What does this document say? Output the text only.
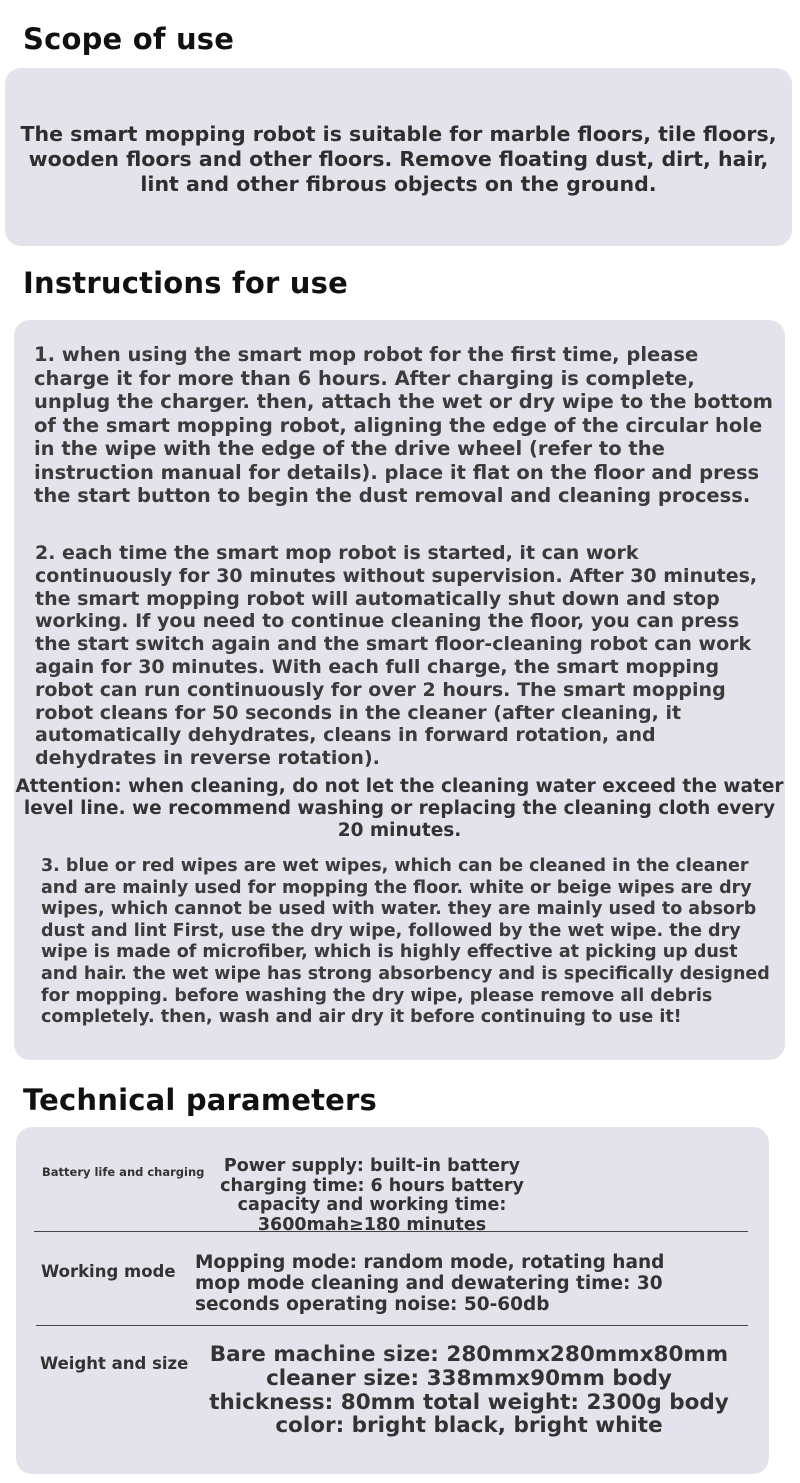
Scope of use
The smart mopping robot is suitable for marble floors, tile floors, wooden floors and other floors. Remove floating dust, dirt, hair, lint and other fibrous objects on the ground.
Instructions for use
1. when using the smart mop robot for the first time, please charge it for more than 6 hours. After charging is complete, unplug the charger. then, attach the wet or dry wipe to the bottom of the smart mopping robot, aligning the edge of the circular hole in the wipe with the edge of the drive wheel (refer to the instruction manual for details). place it flat on the floor and press the start button to begin the dust removal and cleaning process.
2. each time the smart mop robot is started, it can work continuously for 30 minutes without supervision. After 30 minutes, the smart mopping robot will automatically shut down and stop working. If you need to continue cleaning the floor, you can press the start switch again and the smart floor-cleaning robot can work again for 30 minutes. With each full charge, the smart mopping robot can run continuously for over 2 hours. The smart mopping robot cleans for 50 seconds in the cleaner (after cleaning, it automatically dehydrates, cleans in forward rotation, and dehydrates in reverse rotation).
Attention: when cleaning, do not let the cleaning water exceed the water level line. we recommend washing or replacing the cleaning cloth every 20 minutes.
3. blue or red wipes are wet wipes, which can be cleaned in the cleaner and are mainly used for mopping the floor. white or beige wipes are dry wipes, which cannot be used with water. they are mainly used to absorb dust and lint First, use the dry wipe, followed by the wet wipe. the dry wipe is made of microfiber, which is highly effective at picking up dust and hair. the wet wipe has strong absorbency and is specifically designed for mopping. before washing the dry wipe, please remove all debris completely. then, wash and air dry it before continuing to use it!
Technical parameters
Battery life and charging	Power supply: built-in battery charging time: 6 hours battery capacity and working time: 3600mah≥180 minutes
Working mode Mopping mode: random mode, rotating hand mop mode cleaning and dewatering time: 30 seconds operating noise: 50-60db
Weight and size Bare machine size: 280mmx280mmx80mm cleaner size: 338mmx90mm body thickness: 80mm total weight: 2300g body color: bright black, bright white
